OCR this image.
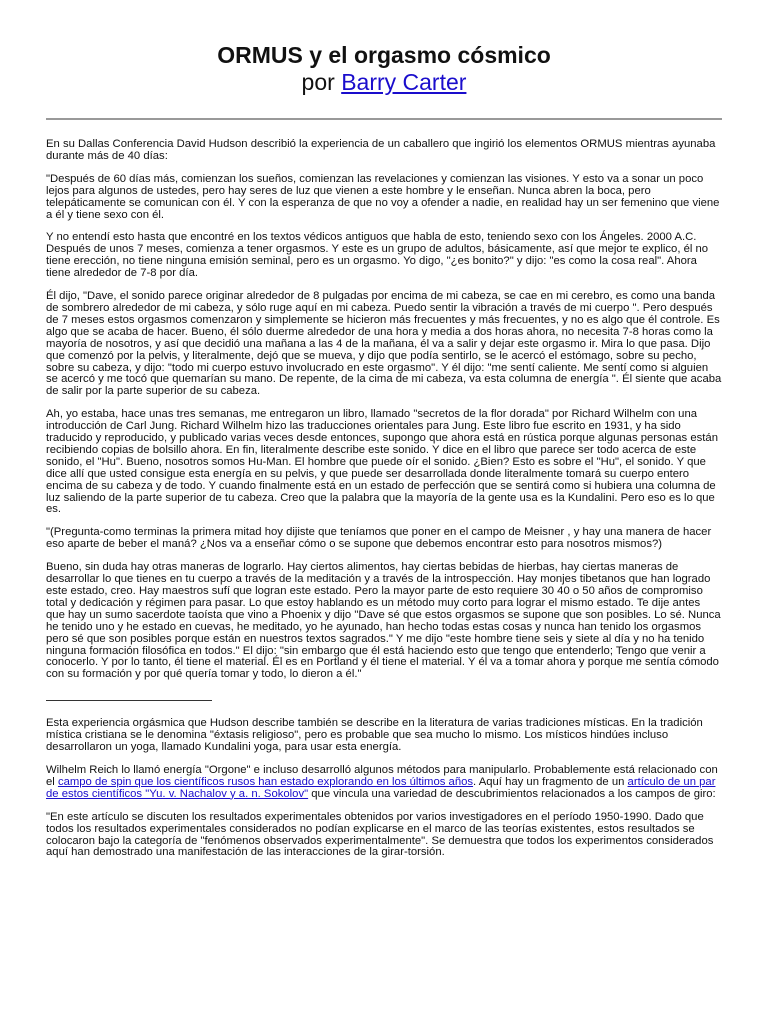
ORMUS y el orgasmo cósmico

por Barry Carter

En su Dallas Conferencia David Hudson describió la experiencia de un caballero que ingirió los elementos ORMUS mientras ayunaba durante más de 40 días:

"Después de 60 días más, comienzan los sueños, comienzan las revelaciones y comienzan las visiones. Y esto va a sonar un poco lejos para algunos de ustedes, pero hay seres de luz que vienen a este hombre y le enseñan. Nunca abren la boca, pero telepáticamente se comunican con él. Y con la esperanza de que no voy a ofender a nadie, en realidad hay un ser femenino que viene a él y tiene sexo con él.

Y no entendí esto hasta que encontré en los textos védicos antiguos que habla de esto, teniendo sexo con los Ángeles. 2000 A.C. Después de unos 7 meses, comienza a tener orgasmos. Y este es un grupo de adultos, básicamente, así que mejor te explico, él no tiene erección, no tiene ninguna emisión seminal, pero es un orgasmo. Yo digo, "¿es bonito?" y dijo: "es como la cosa real". Ahora tiene alrededor de 7-8 por día.

Él dijo, "Dave, el sonido parece originar alrededor de 8 pulgadas por encima de mi cabeza, se cae en mi cerebro, es como una banda de sombrero alrededor de mi cabeza, y sólo ruge aquí en mi cabeza. Puedo sentir la vibración a través de mi cuerpo ". Pero después de 7 meses estos orgasmos comenzaron y simplemente se hicieron más frecuentes y más frecuentes, y no es algo que él controle. Es algo que se acaba de hacer. Bueno, él sólo duerme alrededor de una hora y media a dos horas ahora, no necesita 7-8 horas como la mayoría de nosotros, y así que decidió una mañana a las 4 de la mañana, él va a salir y dejar este orgasmo ir. Mira lo que pasa. Dijo que comenzó por la pelvis, y literalmente, dejó que se mueva, y dijo que podía sentirlo, se le acercó el estómago, sobre su pecho, sobre su cabeza, y dijo: "todo mi cuerpo estuvo involucrado en este orgasmo". Y él dijo: "me sentí caliente. Me sentí como si alguien se acercó y me tocó que quemarían su mano. De repente, de la cima de mi cabeza, va esta columna de energía ". Él siente que acaba de salir por la parte superior de su cabeza.

Ah, yo estaba, hace unas tres semanas, me entregaron un libro, llamado "secretos de la flor dorada" por Richard Wilhelm con una introducción de Carl Jung. Richard Wilhelm hizo las traducciones orientales para Jung. Este libro fue escrito en 1931, y ha sido traducido y reproducido, y publicado varias veces desde entonces, supongo que ahora está en rústica porque algunas personas están recibiendo copias de bolsillo ahora. En fin, literalmente describe este sonido. Y dice en el libro que parece ser todo acerca de este sonido, el "Hu". Bueno, nosotros somos Hu-Man. El hombre que puede oír el sonido. ¿Bien? Esto es sobre el "Hu", el sonido. Y que dice allí que usted consigue esta energía en su pelvis, y que puede ser desarrollada donde literalmente tomará su cuerpo entero encima de su cabeza y de todo. Y cuando finalmente está en un estado de perfección que se sentirá como si hubiera una columna de luz saliendo de la parte superior de tu cabeza. Creo que la palabra que la mayoría de la gente usa es la Kundalini. Pero eso es lo que es.

"(Pregunta-como terminas la primera mitad hoy dijiste que teníamos que poner en el campo de Meisner , y hay una manera de hacer eso aparte de beber el maná? ¿Nos va a enseñar cómo o se supone que debemos encontrar esto para nosotros mismos?)

Bueno, sin duda hay otras maneras de lograrlo. Hay ciertos alimentos, hay ciertas bebidas de hierbas, hay ciertas maneras de desarrollar lo que tienes en tu cuerpo a través de la meditación y a través de la introspección. Hay monjes tibetanos que han logrado este estado, creo. Hay maestros sufí que logran este estado. Pero la mayor parte de esto requiere 30 40 o 50 años de compromiso total y dedicación y régimen para pasar. Lo que estoy hablando es un método muy corto para lograr el mismo estado. Te dije antes que hay un sumo sacerdote taoísta que vino a Phoenix y dijo "Dave sé que estos orgasmos se supone que son posibles. Lo sé. Nunca he tenido uno y he estado en cuevas, he meditado, yo he ayunado, han hecho todas estas cosas y nunca han tenido los orgasmos pero sé que son posibles porque están en nuestros textos sagrados." Y me dijo "este hombre tiene seis y siete al día y no ha tenido ninguna formación filosófica en todos." El dijo: "sin embargo que él está haciendo esto que tengo que entenderlo; Tengo que venir a conocerlo. Y por lo tanto, él tiene el material. Él es en Portland y él tiene el material. Y él va a tomar ahora y porque me sentía cómodo con su formación y por qué quería tomar y todo, lo dieron a él."

Esta experiencia orgásmica que Hudson describe también se describe en la literatura de varias tradiciones místicas. En la tradición mística cristiana se le denomina "éxtasis religioso", pero es probable que sea mucho lo mismo. Los místicos hindúes incluso desarrollaron un yoga, llamado Kundalini yoga, para usar esta energía.

Wilhelm Reich lo llamó energía "Orgone" e incluso desarrolló algunos métodos para manipularlo. Probablemente está relacionado con el campo de spin que los científicos rusos han estado explorando en los últimos años. Aquí hay un fragmento de un artículo de un par de estos científicos "Yu. v. Nachalov y a. n. Sokolov" que vincula una variedad de descubrimientos relacionados a los campos de giro:

"En este artículo se discuten los resultados experimentales obtenidos por varios investigadores en el período 1950-1990. Dado que todos los resultados experimentales considerados no podían explicarse en el marco de las teorías existentes, estos resultados se colocaron bajo la categoría de "fenómenos observados experimentalmente". Se demuestra que todos los experimentos considerados aquí han demostrado una manifestación de las interacciones de la girar-torsión.
